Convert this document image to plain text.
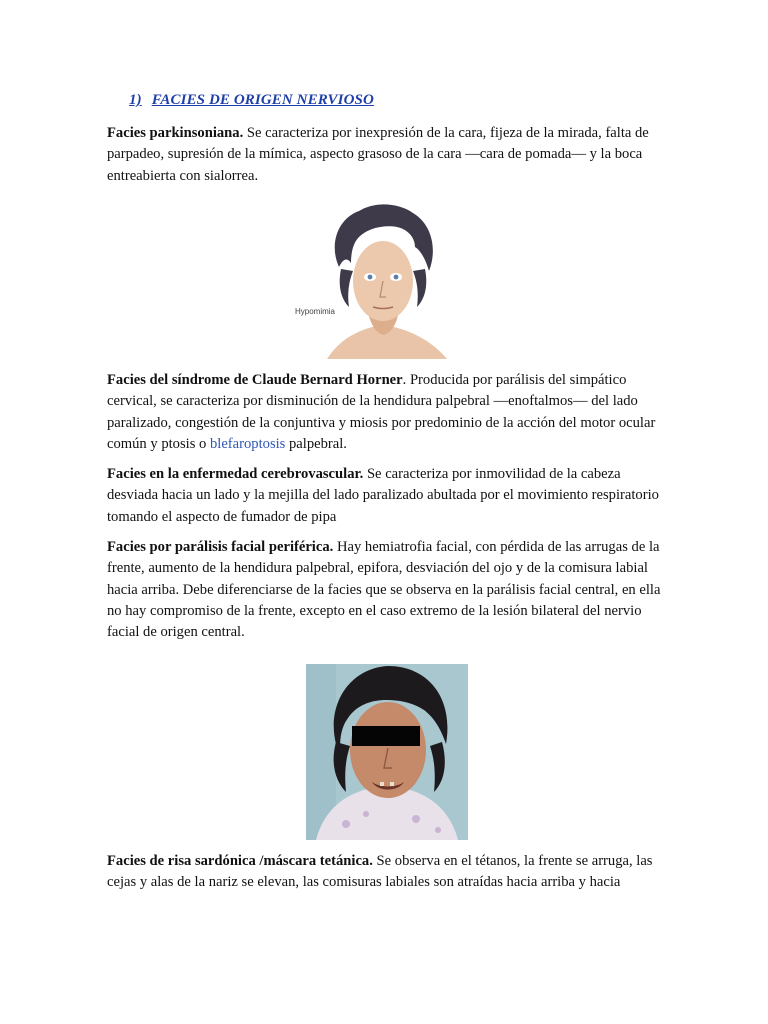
1) FACIES DE ORIGEN NERVIOSO

Facies parkinsoniana. Se caracteriza por inexpresión de la cara, fijeza de la mirada, falta de parpadeo, supresión de la mímica, aspecto grasoso de la cara —cara de pomada— y la boca entreabierta con sialorrea.

Hypomimia

Facies del síndrome de Claude Bernard Horner. Producida por parálisis del simpático cervical, se caracteriza por disminución de la hendidura palpebral —enoftalmos— del lado paralizado, congestión de la conjuntiva y miosis por predominio de la acción del motor ocular común y ptosis o blefaroptosis palpebral.

Facies en la enfermedad cerebrovascular. Se caracteriza por inmovilidad de la cabeza desviada hacia un lado y la mejilla del lado paralizado abultada por el movimiento respiratorio tomando el aspecto de fumador de pipa

Facies por parálisis facial periférica. Hay hemiatrofia facial, con pérdida de las arrugas de la frente, aumento de la hendidura palpebral, epifora, desviación del ojo y de la comisura labial hacia arriba. Debe diferenciarse de la facies que se observa en la parálisis facial central, en ella no hay compromiso de la frente, excepto en el caso extremo de la lesión bilateral del nervio facial de origen central.

Facies de risa sardónica /máscara tetánica. Se observa en el tétanos, la frente se arruga, las cejas y alas de la nariz se elevan, las comisuras labiales son atraídas hacia arriba y hacia
